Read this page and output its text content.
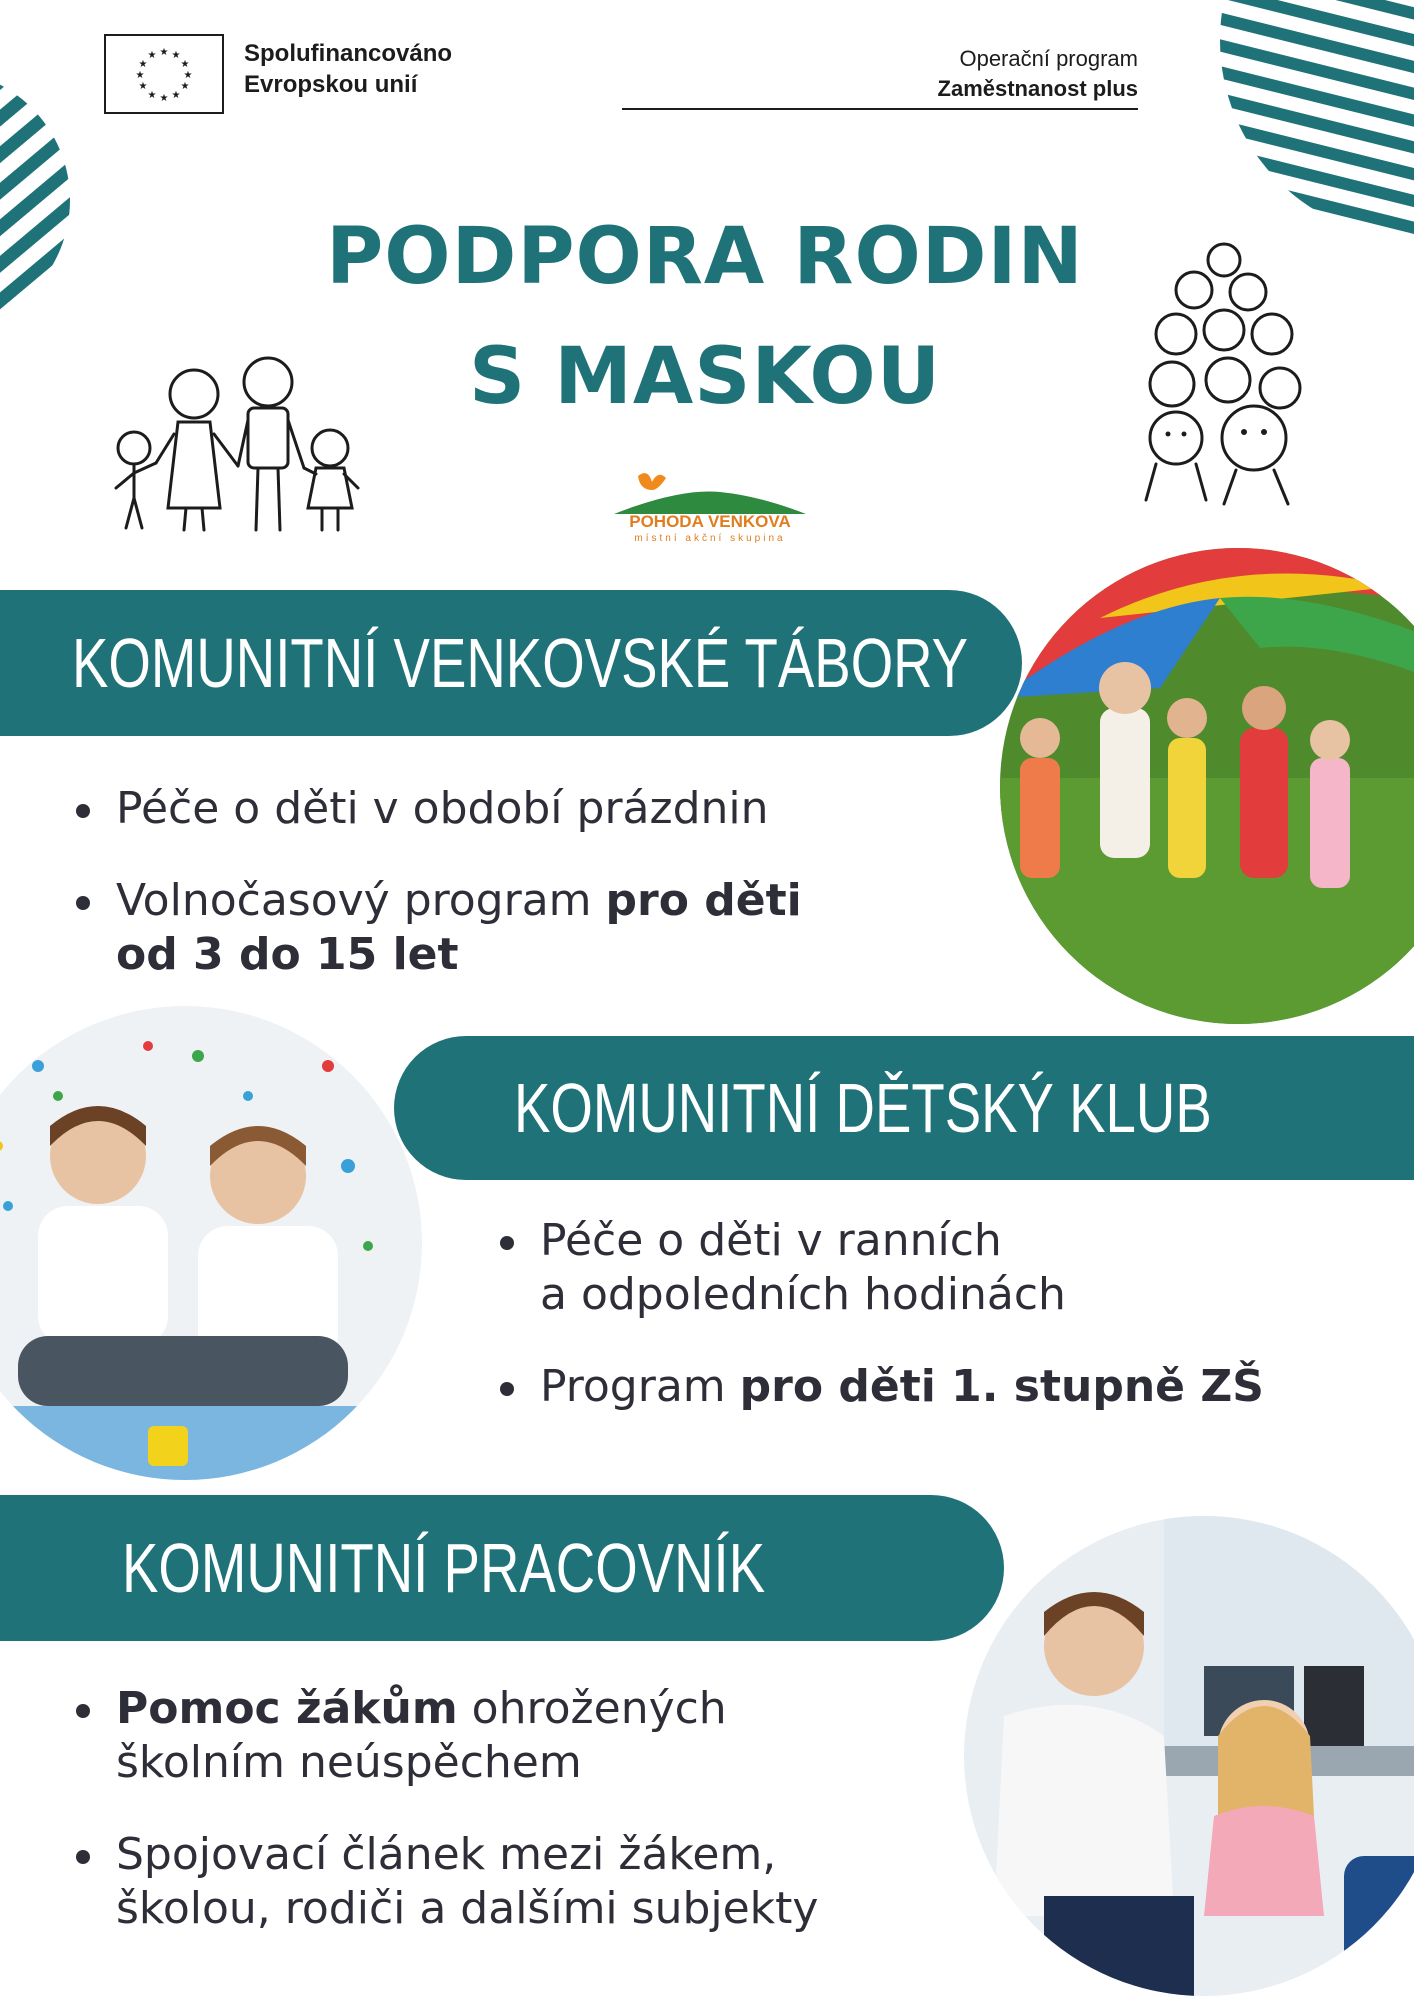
★ ★
★
★
★
★
★
★
★
★
★
★	Spolufinancováno
Evropskou unií
Operační program
Zaměstnanost plus
PODPORA RODIN
S MASKOU
POHODA VENKOVA
místní akční skupina
KOMUNITNÍ VENKOVSKÉ TÁBORY
Péče o děti v období prázdnin
Volnočasový program pro děti
od 3 do 15 let
KOMUNITNÍ DĚTSKÝ KLUB
Péče o děti v ranních
a odpoledních hodinách
Program pro děti 1. stupně ZŠ
KOMUNITNÍ PRACOVNÍK
Pomoc žákům ohrožených
školním neúspěchem
Spojovací článek mezi žákem,
školou, rodiči a dalšími subjekty
